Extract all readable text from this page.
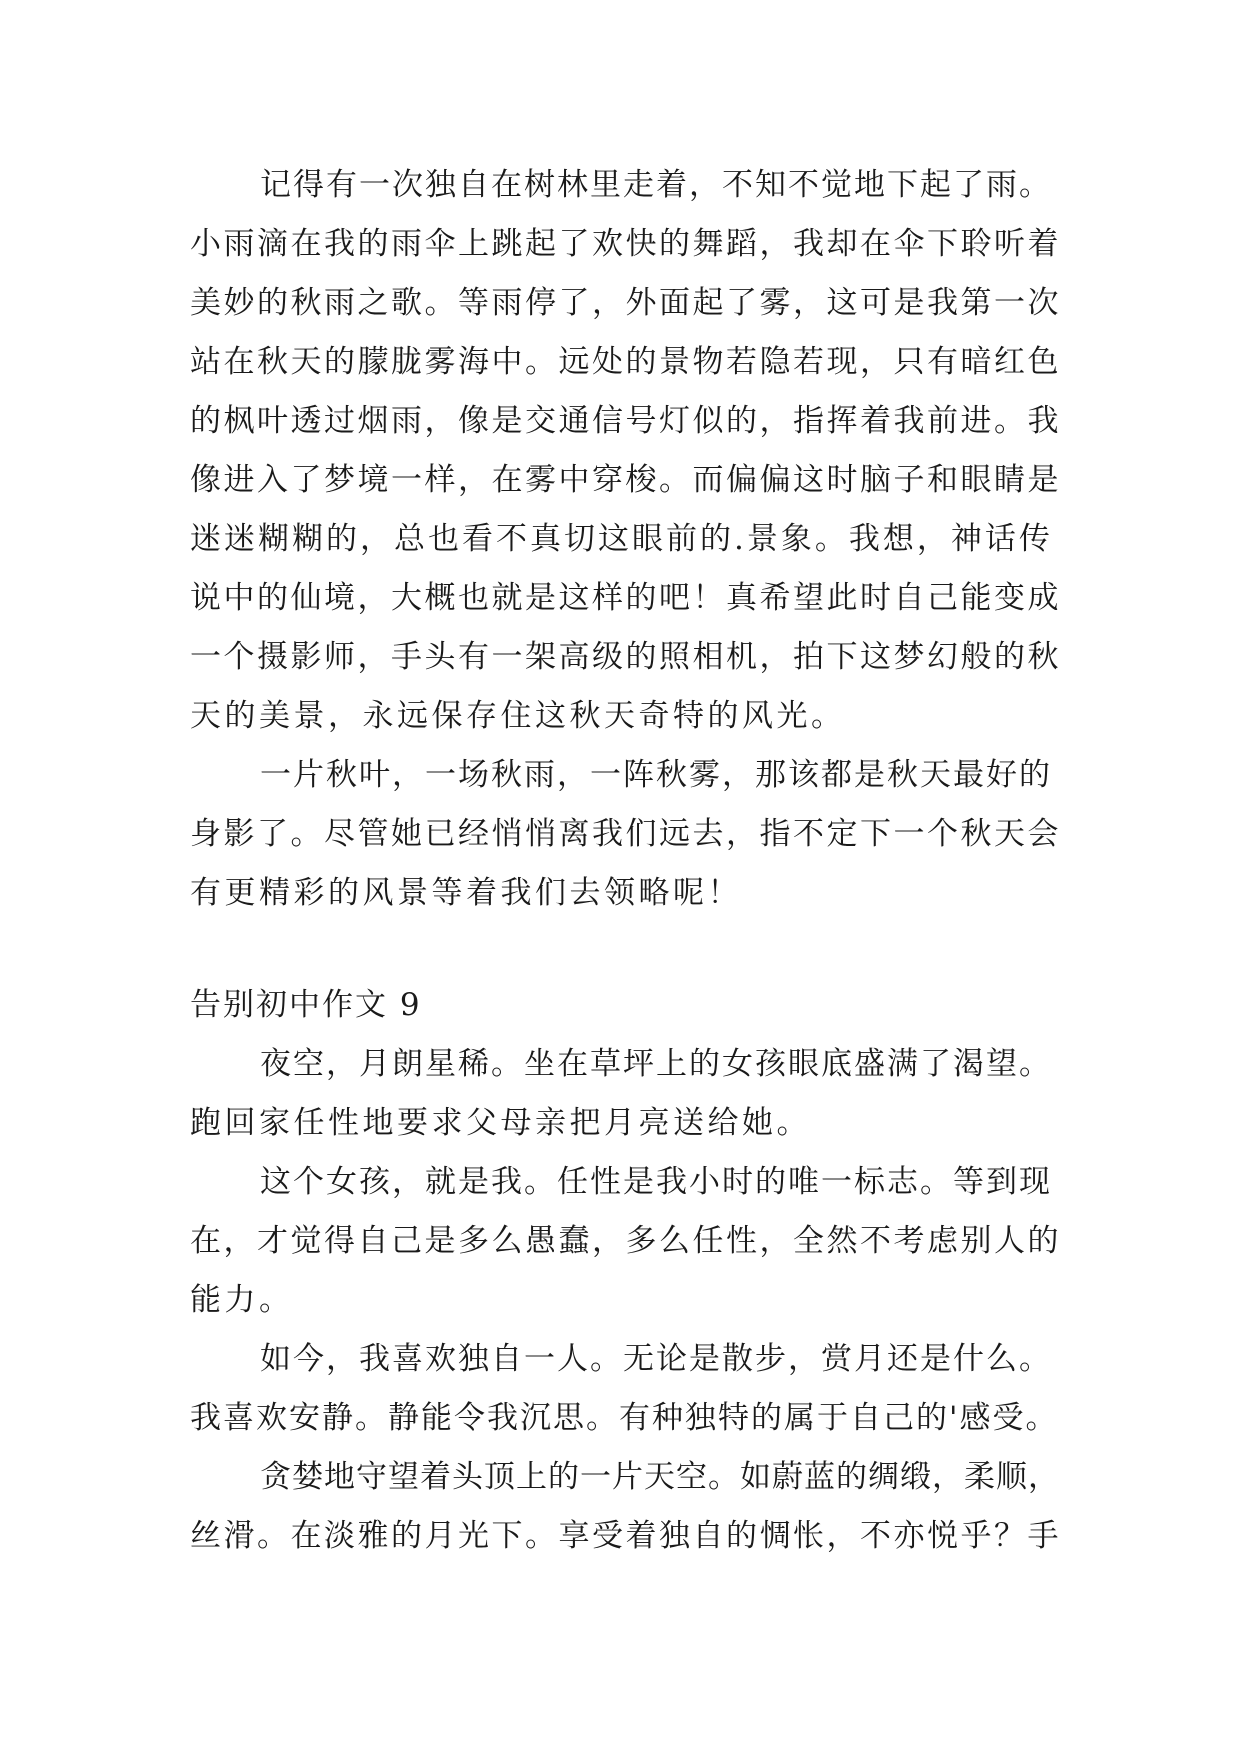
记得有一次独自在树林里走着，不知不觉地下起了雨。
小雨滴在我的雨伞上跳起了欢快的舞蹈，我却在伞下聆听着
美妙的秋雨之歌。等雨停了，外面起了雾，这可是我第一次
站在秋天的朦胧雾海中。远处的景物若隐若现，只有暗红色
的枫叶透过烟雨，像是交通信号灯似的，指挥着我前进。我
像进入了梦境一样，在雾中穿梭。而偏偏这时脑子和眼睛是
迷迷糊糊的，总也看不真切这眼前的.景象。我想，神话传
说中的仙境，大概也就是这样的吧！真希望此时自己能变成
一个摄影师，手头有一架高级的照相机，拍下这梦幻般的秋
天的美景，永远保存住这秋天奇特的风光。
一片秋叶，一场秋雨，一阵秋雾，那该都是秋天最好的
身影了。尽管她已经悄悄离我们远去，指不定下一个秋天会
有更精彩的风景等着我们去领略呢！
告别初中作文 9
夜空，月朗星稀。坐在草坪上的女孩眼底盛满了渴望。
跑回家任性地要求父母亲把月亮送给她。
这个女孩，就是我。任性是我小时的唯一标志。等到现
在，才觉得自己是多么愚蠢，多么任性，全然不考虑别人的
能力。
如今，我喜欢独自一人。无论是散步，赏月还是什么。
我喜欢安静。静能令我沉思。有种独特的属于自己的'感受。
贪婪地守望着头顶上的一片天空。如蔚蓝的绸缎，柔顺，
丝滑。在淡雅的月光下。享受着独自的惆怅，不亦悦乎？手
